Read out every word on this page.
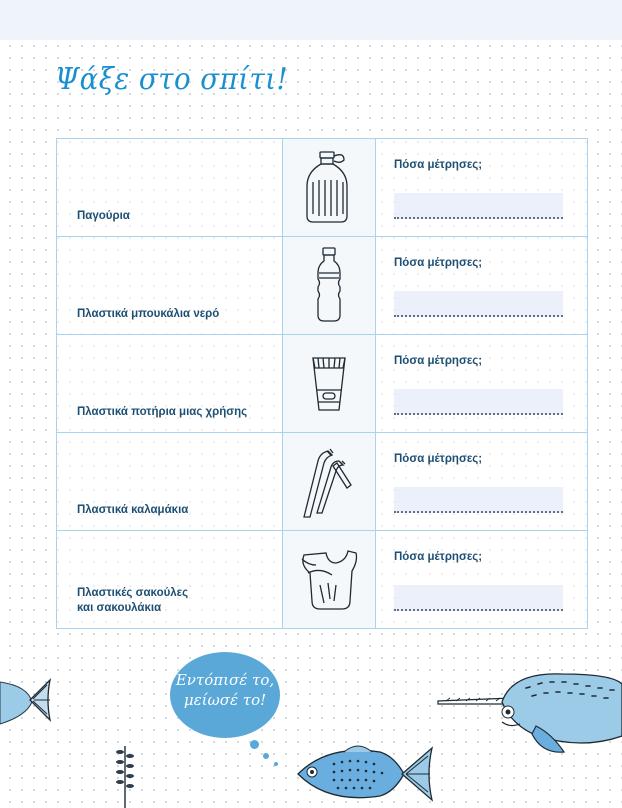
Ψάξε στο σπίτι!
Παγούρια
Πόσα μέτρησες;
Πλαστικά μπουκάλια νερό
Πόσα μέτρησες;
Πλαστικά ποτήρια μιας χρήσης
Πόσα μέτρησες;
Πλαστικά καλαμάκια
Πόσα μέτρησες;
Πλαστικές σακούλες
και σακουλάκια
Πόσα μέτρησες;
Εντόπισέ το,
μείωσέ το!
